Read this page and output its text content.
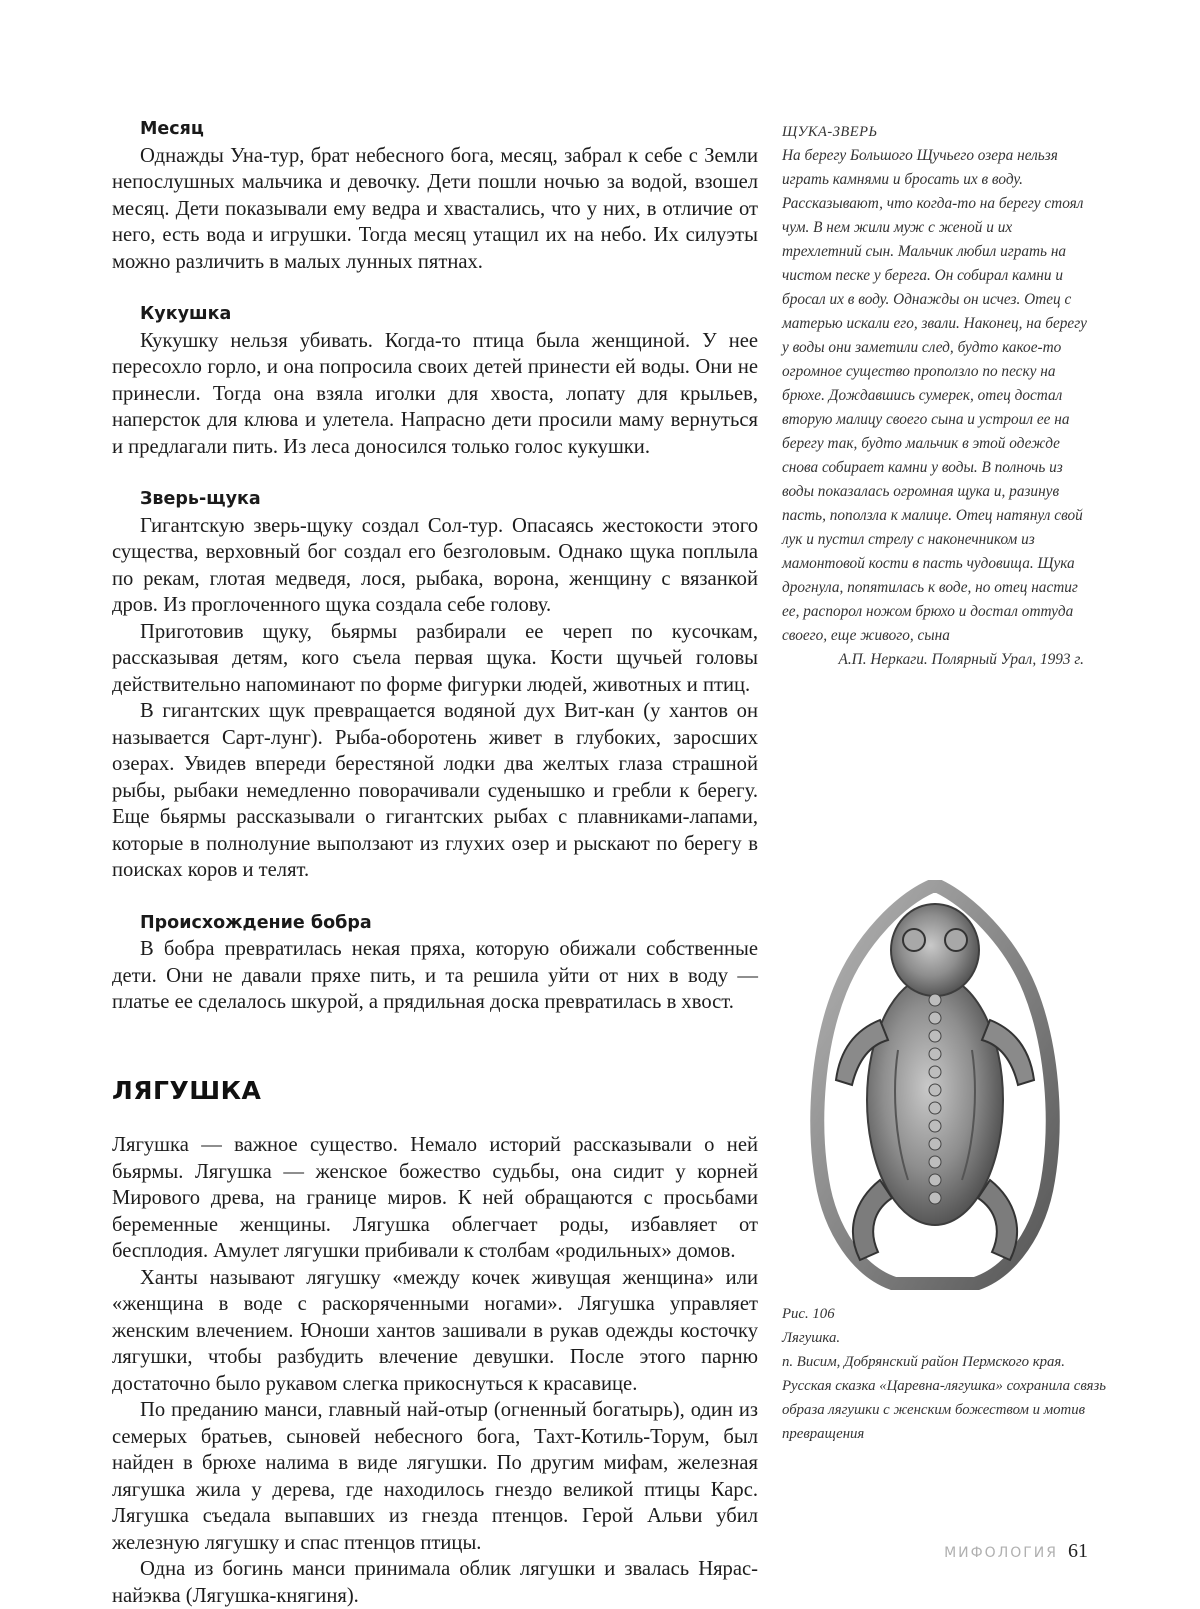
Месяц

Однажды Уна-тур, брат небесного бога, месяц, забрал к себе с Земли непослушных мальчика и девочку. Дети пошли ночью за водой, взошел месяц. Дети показывали ему ведра и хвастались, что у них, в отличие от него, есть вода и игрушки. Тогда месяц утащил их на небо. Их силуэты можно различить в малых лунных пятнах.

Кукушка

Кукушку нельзя убивать. Когда-то птица была женщиной. У нее пересохло горло, и она попросила своих детей принести ей воды. Они не принесли. Тогда она взяла иголки для хвоста, лопату для крыльев, наперсток для клюва и улетела. Напрасно дети просили маму вернуться и предлагали пить. Из леса доносился только голос кукушки.

Зверь-щука

Гигантскую зверь-щуку создал Сол-тур. Опасаясь жестокости этого существа, верховный бог создал его безголовым. Однако щука поплыла по рекам, глотая медведя, лося, рыбака, ворона, женщину с вязанкой дров. Из проглоченного щука создала себе голову.

Приготовив щуку, бьярмы разбирали ее череп по кусочкам, рассказывая детям, кого съела первая щука. Кости щучьей головы действительно напоминают по форме фигурки людей, животных и птиц.

В гигантских щук превращается водяной дух Вит-кан (у хантов он называется Сарт-лунг). Рыба-оборотень живет в глубоких, заросших озерах. Увидев впереди берестяной лодки два желтых глаза страшной рыбы, рыбаки немедленно поворачивали суденышко и гребли к берегу. Еще бьярмы рассказывали о гигантских рыбах с плавниками-лапами, которые в полнолуние выползают из глухих озер и рыскают по берегу в поисках коров и телят.

Происхождение бобра

В бобра превратилась некая пряха, которую обижали собственные дети. Они не давали пряхе пить, и та решила уйти от них в воду — платье ее сделалось шкурой, а прядильная доска превратилась в хвост.

ЛЯГУШКА

Лягушка — важное существо. Немало историй рассказывали о ней бьярмы. Лягушка — женское божество судьбы, она сидит у корней Мирового древа, на границе миров. К ней обращаются с просьбами беременные женщины. Лягушка облегчает роды, избавляет от бесплодия. Амулет лягушки прибивали к столбам «родильных» домов.

Ханты называют лягушку «между кочек живущая женщина» или «женщина в воде с раскоряченными ногами». Лягушка управляет женским влечением. Юноши хантов зашивали в рукав одежды косточку лягушки, чтобы разбудить влечение девушки. После этого парню достаточно было рукавом слегка прикоснуться к красавице.

По преданию манси, главный най-отыр (огненный богатырь), один из семерых братьев, сыновей небесного бога, Тахт-Котиль-Торум, был найден в брюхе налима в виде лягушки. По другим мифам, железная лягушка жила у дерева, где находилось гнездо великой птицы Карс. Лягушка съедала выпавших из гнезда птенцов. Герой Альви убил железную лягушку и спас птенцов птицы.

Одна из богинь манси принимала облик лягушки и звалась Нярас-найэква (Лягушка-княгиня).

ЩУКА-ЗВЕРЬ

На берегу Большого Щучьего озера нельзя играть камнями и бросать их в воду. Рассказывают, что когда-то на берегу стоял чум. В нем жили муж с женой и их трехлетний сын. Мальчик любил играть на чистом песке у берега. Он собирал камни и бросал их в воду. Однажды он исчез. Отец с матерью искали его, звали. Наконец, на берегу у воды они заметили след, будто какое-то огромное существо проползло по песку на брюхе. Дождавшись сумерек, отец достал вторую малицу своего сына и устроил ее на берегу так, будто мальчик в этой одежде снова собирает камни у воды. В полночь из воды показалась огромная щука и, разинув пасть, поползла к малице. Отец натянул свой лук и пустил стрелу с наконечником из мамонтовой кости в пасть чудовища. Щука дрогнула, попятилась к воде, но отец настиг ее, распорол ножом брюхо и достал оттуда своего, еще живого, сына

А.П. Неркаги. Полярный Урал, 1993 г.

Рис. 106

Лягушка.

п. Висим, Добрянский район Пермского края.

Русская сказка «Царевна-лягушка» сохранила связь образа лягушки с женским божеством и мотив превращения

МИФОЛОГИЯ 61
